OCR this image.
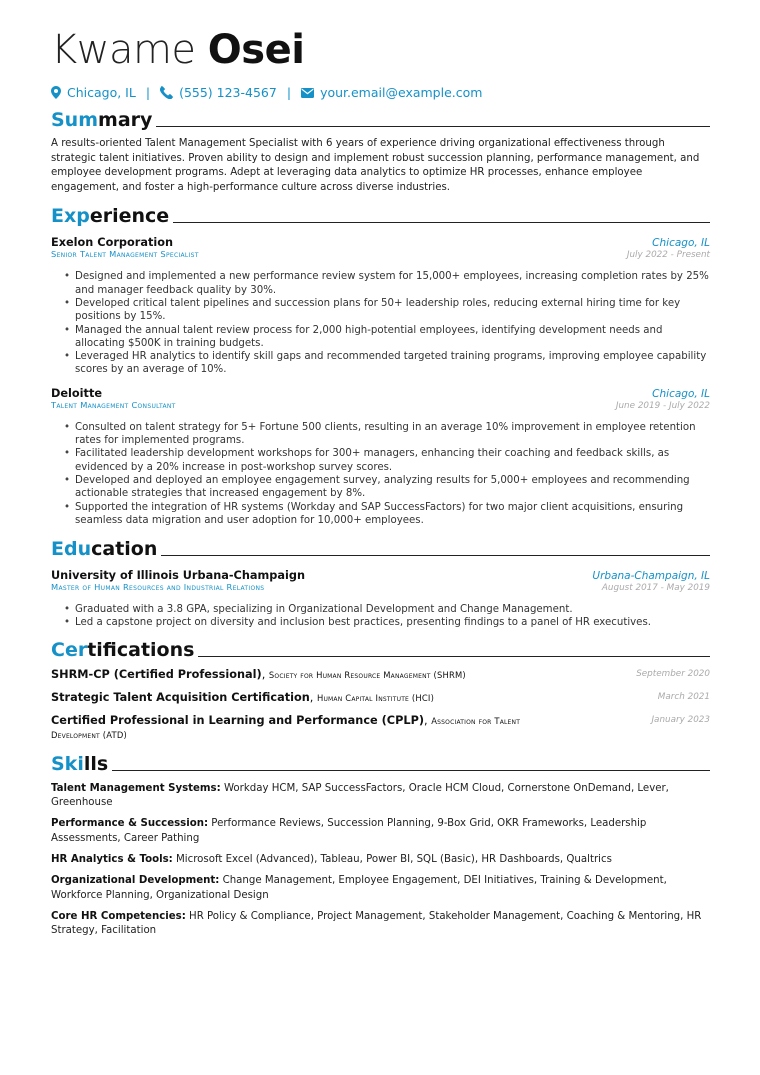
Kwame Osei
Chicago, IL | (555) 123-4567 | your.email@example.com
Summary
A results-oriented Talent Management Specialist with 6 years of experience driving organizational effectiveness through strategic talent initiatives. Proven ability to design and implement robust succession planning, performance management, and employee development programs. Adept at leveraging data analytics to optimize HR processes, enhance employee engagement, and foster a high-performance culture across diverse industries.
Experience
Exelon Corporation	Chicago, IL
Senior Talent Management Specialist	July 2022 - Present
• Designed and implemented a new performance review system for 15,000+ employees, increasing completion rates by 25% and manager feedback quality by 30%.
• Developed critical talent pipelines and succession plans for 50+ leadership roles, reducing external hiring time for key positions by 15%.
• Managed the annual talent review process for 2,000 high-potential employees, identifying development needs and allocating $500K in training budgets.
• Leveraged HR analytics to identify skill gaps and recommended targeted training programs, improving employee capability scores by an average of 10%.
Deloitte	Chicago, IL
Talent Management Consultant	June 2019 - July 2022
• Consulted on talent strategy for 5+ Fortune 500 clients, resulting in an average 10% improvement in employee retention rates for implemented programs.
• Facilitated leadership development workshops for 300+ managers, enhancing their coaching and feedback skills, as evidenced by a 20% increase in post-workshop survey scores.
• Developed and deployed an employee engagement survey, analyzing results for 5,000+ employees and recommending actionable strategies that increased engagement by 8%.
• Supported the integration of HR systems (Workday and SAP SuccessFactors) for two major client acquisitions, ensuring seamless data migration and user adoption for 10,000+ employees.
Education
University of Illinois Urbana-Champaign	Urbana-Champaign, IL
Master of Human Resources and Industrial Relations	August 2017 - May 2019
• Graduated with a 3.8 GPA, specializing in Organizational Development and Change Management.
• Led a capstone project on diversity and inclusion best practices, presenting findings to a panel of HR executives.
Certifications
SHRM-CP (Certified Professional), Society for Human Resource Management (SHRM)	September 2020
Strategic Talent Acquisition Certification, Human Capital Institute (HCI)	March 2021
Certified Professional in Learning and Performance (CPLP), Association for Talent Development (ATD)
January 2023
Skills
Talent Management Systems: Workday HCM, SAP SuccessFactors, Oracle HCM Cloud, Cornerstone OnDemand, Lever, Greenhouse
Performance & Succession: Performance Reviews, Succession Planning, 9-Box Grid, OKR Frameworks, Leadership Assessments, Career Pathing
HR Analytics & Tools: Microsoft Excel (Advanced), Tableau, Power BI, SQL (Basic), HR Dashboards, Qualtrics
Organizational Development: Change Management, Employee Engagement, DEI Initiatives, Training & Development, Workforce Planning, Organizational Design
Core HR Competencies: HR Policy & Compliance, Project Management, Stakeholder Management, Coaching & Mentoring, HR Strategy, Facilitation
